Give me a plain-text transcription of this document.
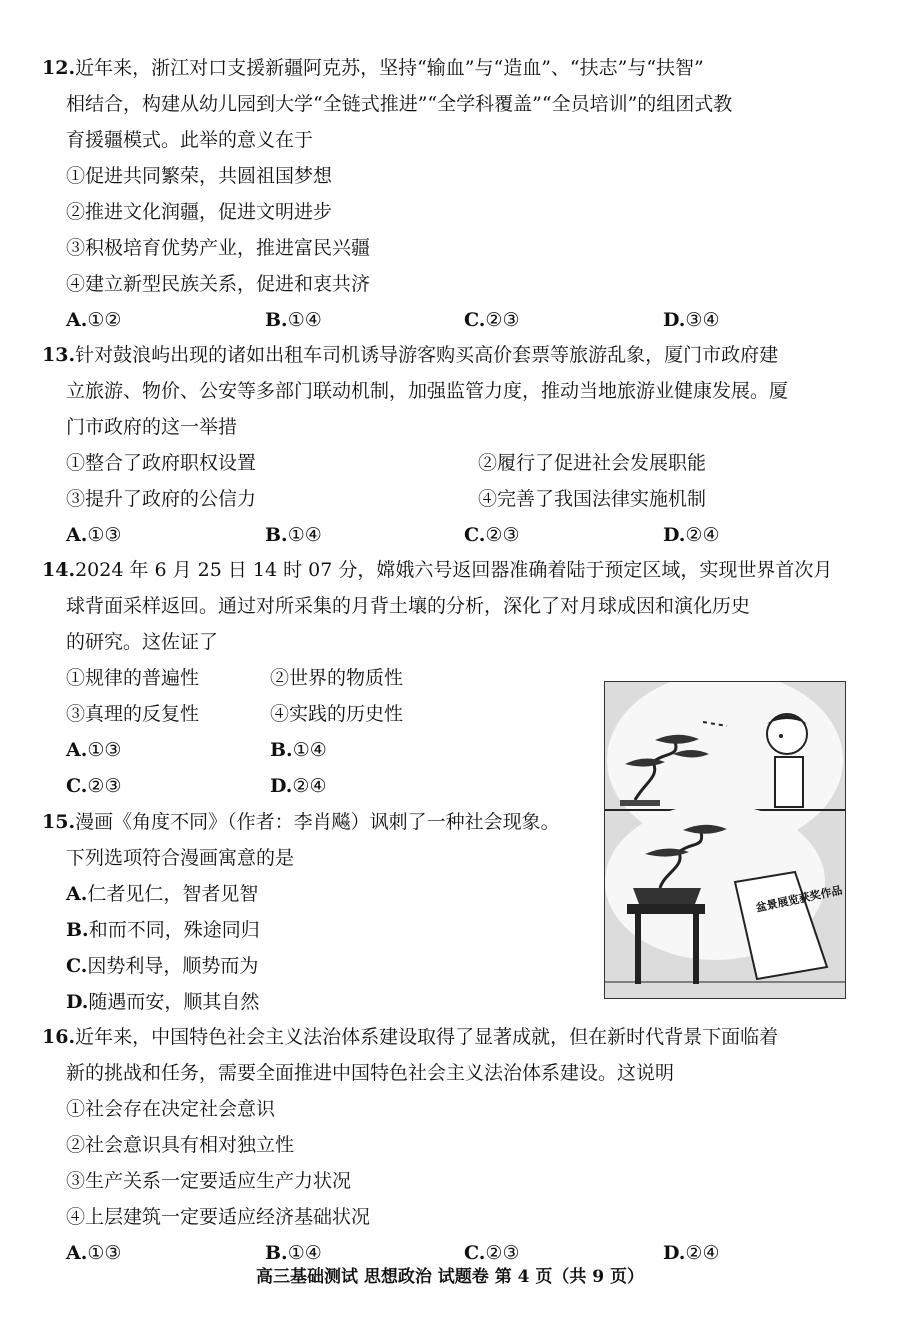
12.近年来，浙江对口支援新疆阿克苏，坚持“输血”与“造血”、“扶志”与“扶智”
相结合，构建从幼儿园到大学“全链式推进”“全学科覆盖”“全员培训”的组团式教
育援疆模式。此举的意义在于

①促进共同繁荣，共圆祖国梦想
②推进文化润疆，促进文明进步
③积极培育优势产业，推进富民兴疆
④建立新型民族关系，促进和衷共济
A.①②	B.①④	C.②③	D.③④

13.针对鼓浪屿出现的诸如出租车司机诱导游客购买高价套票等旅游乱象，厦门市政府建
立旅游、物价、公安等多部门联动机制，加强监管力度，推动当地旅游业健康发展。厦
门市政府的这一举措

①整合了政府职权设置	②履行了促进社会发展职能
③提升了政府的公信力	④完善了我国法律实施机制
A.①③	B.①④	C.②③	D.②④

14.2024 年 6 月 25 日 14 时 07 分，嫦娥六号返回器准确着陆于预定区域，实现世界首次月
球背面采样返回。通过对所采集的月背土壤的分析，深化了对月球成因和演化历史
的研究。这佐证了

①规律的普遍性	②世界的物质性
③真理的反复性	④实践的历史性
A.①③	B.①④
C.②③	D.②④

15.漫画《角度不同》（作者：李肖飚）讽刺了一种社会现象。
下列选项符合漫画寓意的是

A.仁者见仁，智者见智
B.和而不同，殊途同归
C.因势利导，顺势而为
D.随遇而安，顺其自然
盆景展览获奖作品

16.近年来，中国特色社会主义法治体系建设取得了显著成就，但在新时代背景下面临着
新的挑战和任务，需要全面推进中国特色社会主义法治体系建设。这说明

①社会存在决定社会意识
②社会意识具有相对独立性
③生产关系一定要适应生产力状况
④上层建筑一定要适应经济基础状况
A.①③	B.①④	C.②③	D.②④
高三基础测试 思想政治 试题卷 第 4 页（共 9 页）
